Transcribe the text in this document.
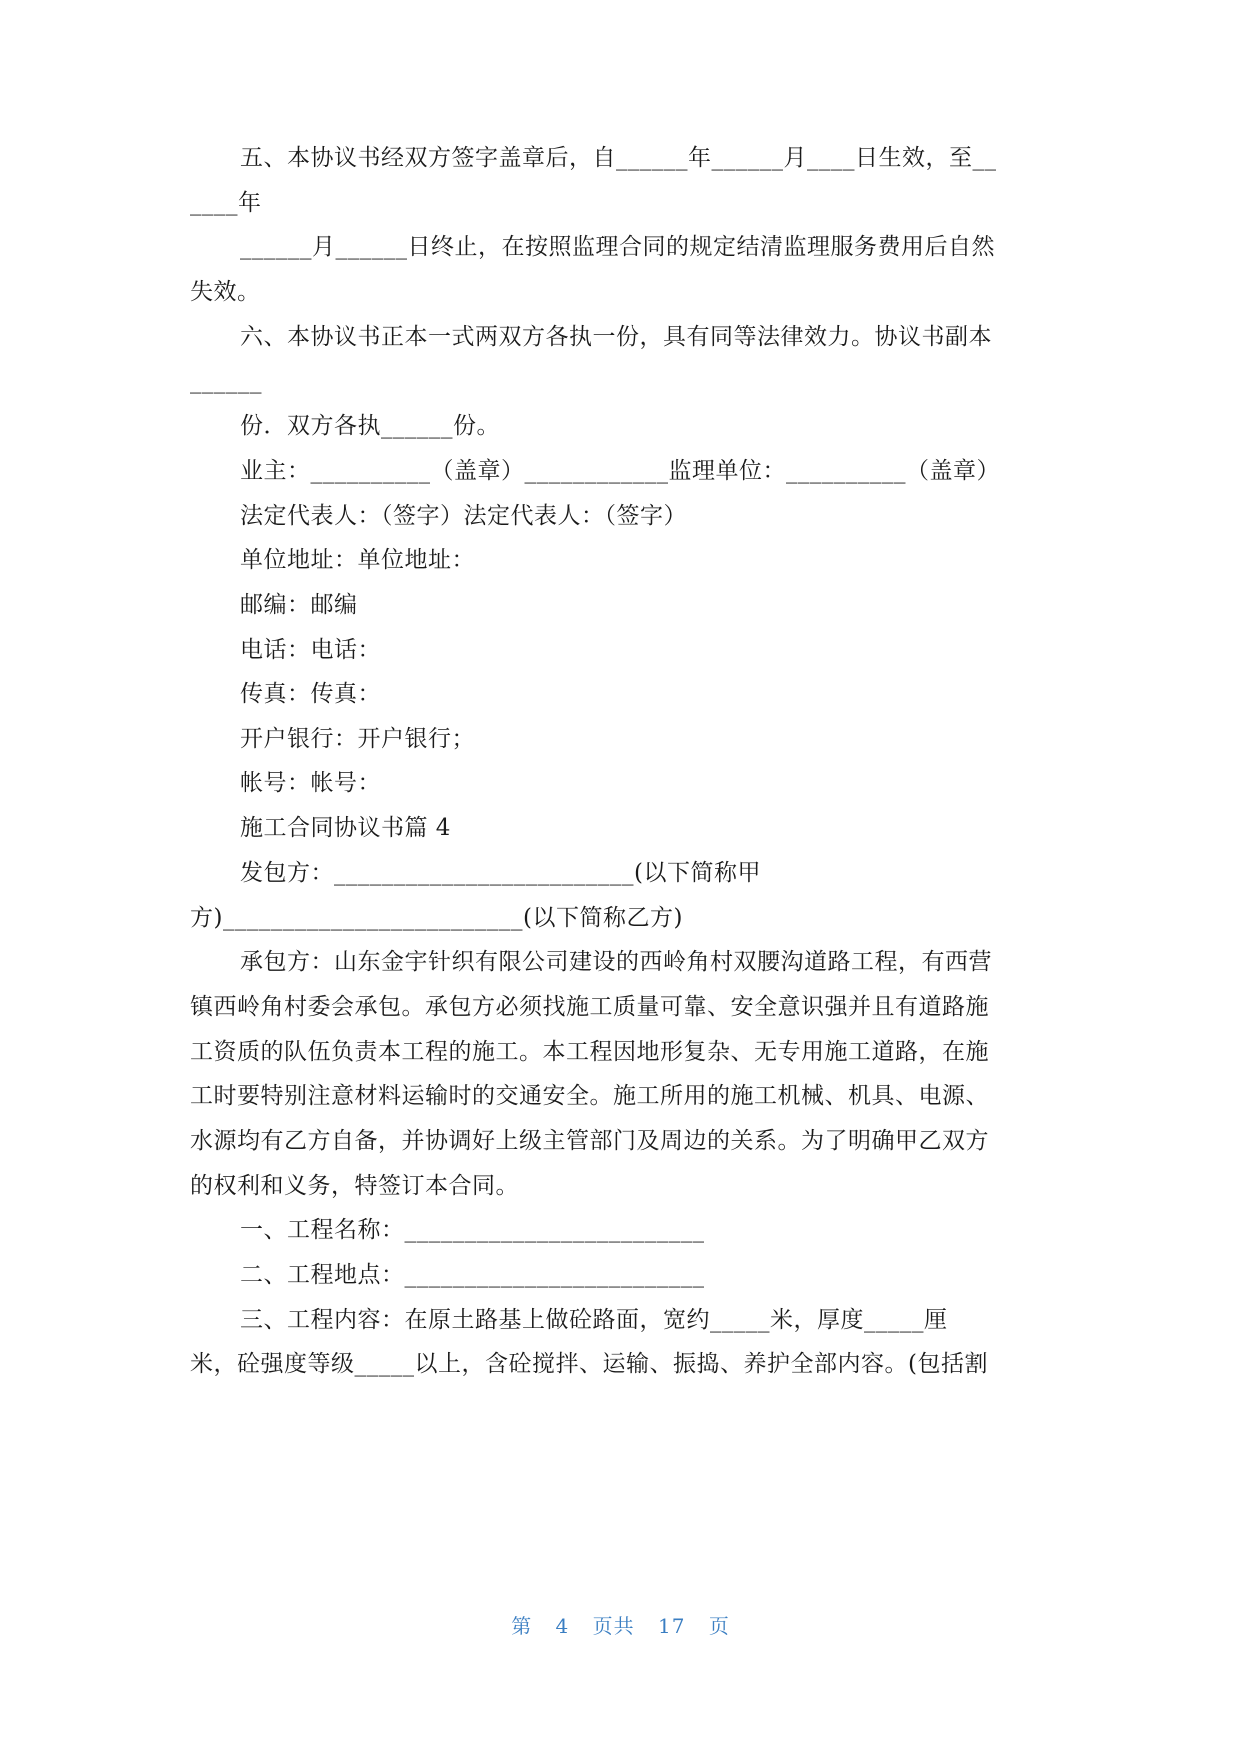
五、本协议书经双方签字盖章后，自______年______月____日生效，至__
____年
______月______日终止，在按照监理合同的规定结清监理服务费用后自然
失效。
六、本协议书正本一式两双方各执一份，具有同等法律效力。协议书副本
______
份．双方各执______份。
业主：__________（盖章）____________监理单位：__________（盖章）
法定代表人：（签字）法定代表人：（签字）
单位地址：单位地址：
邮编：邮编
电话：电话：
传真：传真：
开户银行：开户银行；
帐号：帐号：
施工合同协议书篇 4
发包方：_________________________(以下简称甲
方)_________________________(以下简称乙方)
承包方：山东金宇针织有限公司建设的西岭角村双腰沟道路工程，有西营
镇西岭角村委会承包。承包方必须找施工质量可靠、安全意识强并且有道路施
工资质的队伍负责本工程的施工。本工程因地形复杂、无专用施工道路，在施
工时要特别注意材料运输时的交通安全。施工所用的施工机械、机具、电源、
水源均有乙方自备，并协调好上级主管部门及周边的关系。为了明确甲乙双方
的权利和义务，特签订本合同。
一、工程名称：_________________________
二、工程地点：_________________________
三、工程内容：在原土路基上做砼路面，宽约_____米，厚度_____厘
米，砼强度等级_____以上，含砼搅拌、运输、振捣、养护全部内容。(包括割
第 4 页共 17 页
